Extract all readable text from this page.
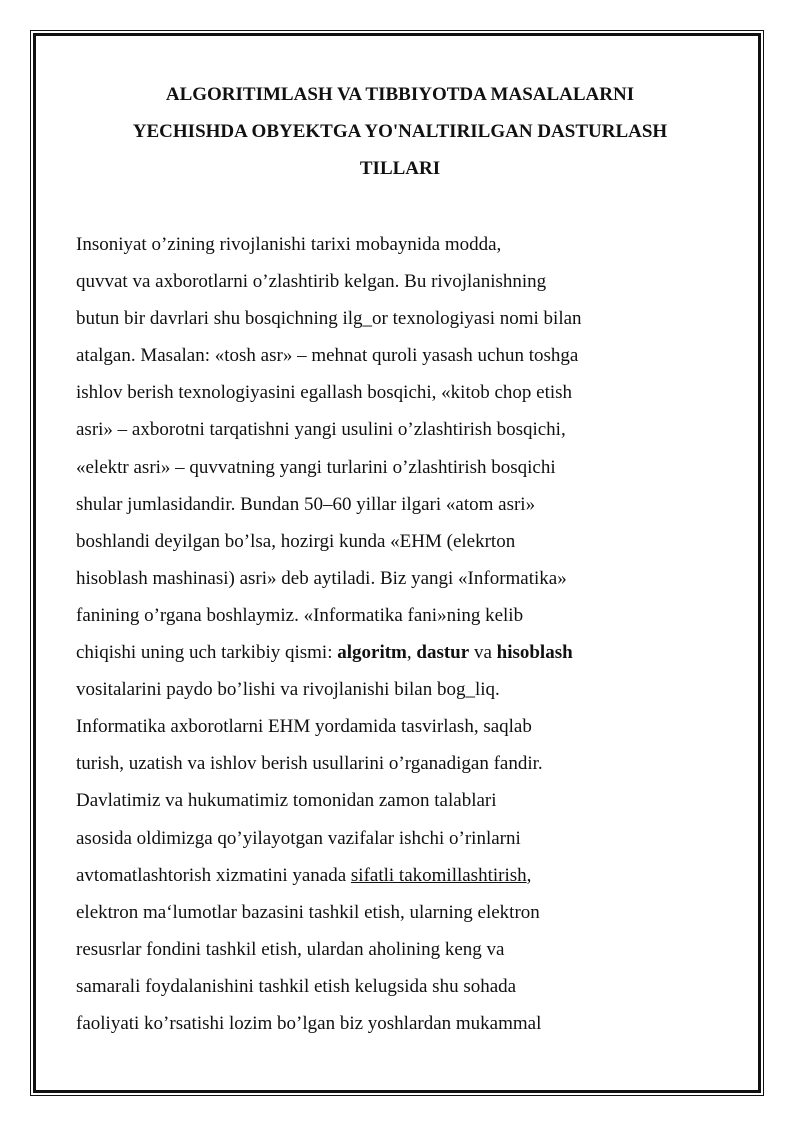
ALGORITIMLASH VA TIBBIYOTDA MASALALARNI
YECHISHDA OBYEKTGA YO'NALTIRILGAN DASTURLASH
TILLARI
Insoniyat o’zining rivojlanishi tarixi mobaynida modda,
quvvat va axborotlarni o’zlashtirib kelgan. Bu rivojlanishning
butun bir davrlari shu bosqichning ilg_or texnologiyasi nomi bilan
atalgan. Masalan: «tosh asr» – mehnat quroli yasash uchun toshga
ishlov berish texnologiyasini egallash bosqichi, «kitob chop etish
asri» – axborotni tarqatishni yangi usulini o’zlashtirish bosqichi,
«elektr asri» – quvvatning yangi turlarini o’zlashtirish bosqichi
shular jumlasidandir. Bundan 50–60 yillar ilgari «atom asri»
boshlandi deyilgan bo’lsa, hozirgi kunda «EHM (elekrton
hisoblash mashinasi) asri» deb aytiladi. Biz yangi «Informatika»
fanining o’rgana boshlaymiz. «Informatika fani»ning kelib
chiqishi uning uch tarkibiy qismi: algoritm, dastur va hisoblash
vositalarini paydo bo’lishi va rivojlanishi bilan bog_liq.
Informatika axborotlarni EHM yordamida tasvirlash, saqlab
turish, uzatish va ishlov berish usullarini o’rganadigan fandir.
Davlatimiz va hukumatimiz tomonidan zamon talablari
asosida oldimizga qo’yilayotgan vazifalar ishchi o’rinlarni
avtomatlashtorish xizmatini yanada sifatli takomillashtirish,
elektron ma‘lumotlar bazasini tashkil etish, ularning elektron
resusrlar fondini tashkil etish, ulardan aholining keng va
samarali foydalanishini tashkil etish kelugsida shu sohada
faoliyati ko’rsatishi lozim bo’lgan biz yoshlardan mukammal
